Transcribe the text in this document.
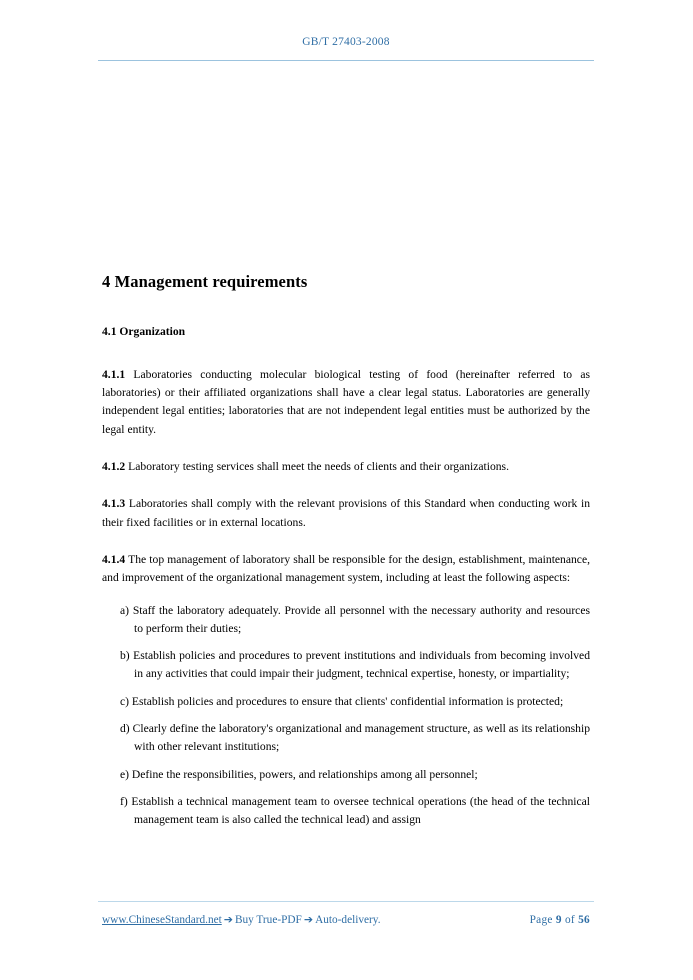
GB/T 27403-2008
4 Management requirements
4.1 Organization

4.1.1 Laboratories conducting molecular biological testing of food (hereinafter referred to as laboratories) or their affiliated organizations shall have a clear legal status. Laboratories are generally independent legal entities; laboratories that are not independent legal entities must be authorized by the legal entity.

4.1.2 Laboratory testing services shall meet the needs of clients and their organizations.

4.1.3 Laboratories shall comply with the relevant provisions of this Standard when conducting work in their fixed facilities or in external locations.

4.1.4 The top management of laboratory shall be responsible for the design, establishment, maintenance, and improvement of the organizational management system, including at least the following aspects:

a) Staff the laboratory adequately. Provide all personnel with the necessary authority and resources to perform their duties;
b) Establish policies and procedures to prevent institutions and individuals from becoming involved in any activities that could impair their judgment, technical expertise, honesty, or impartiality;
c) Establish policies and procedures to ensure that clients' confidential information is protected;
d) Clearly define the laboratory's organizational and management structure, as well as its relationship with other relevant institutions;
e) Define the responsibilities, powers, and relationships among all personnel;
f) Establish a technical management team to oversee technical operations (the head of the technical management team is also called the technical lead) and assign
www.ChineseStandard.net ➔ Buy True-PDF ➔ Auto-delivery.	Page 9 of 56
